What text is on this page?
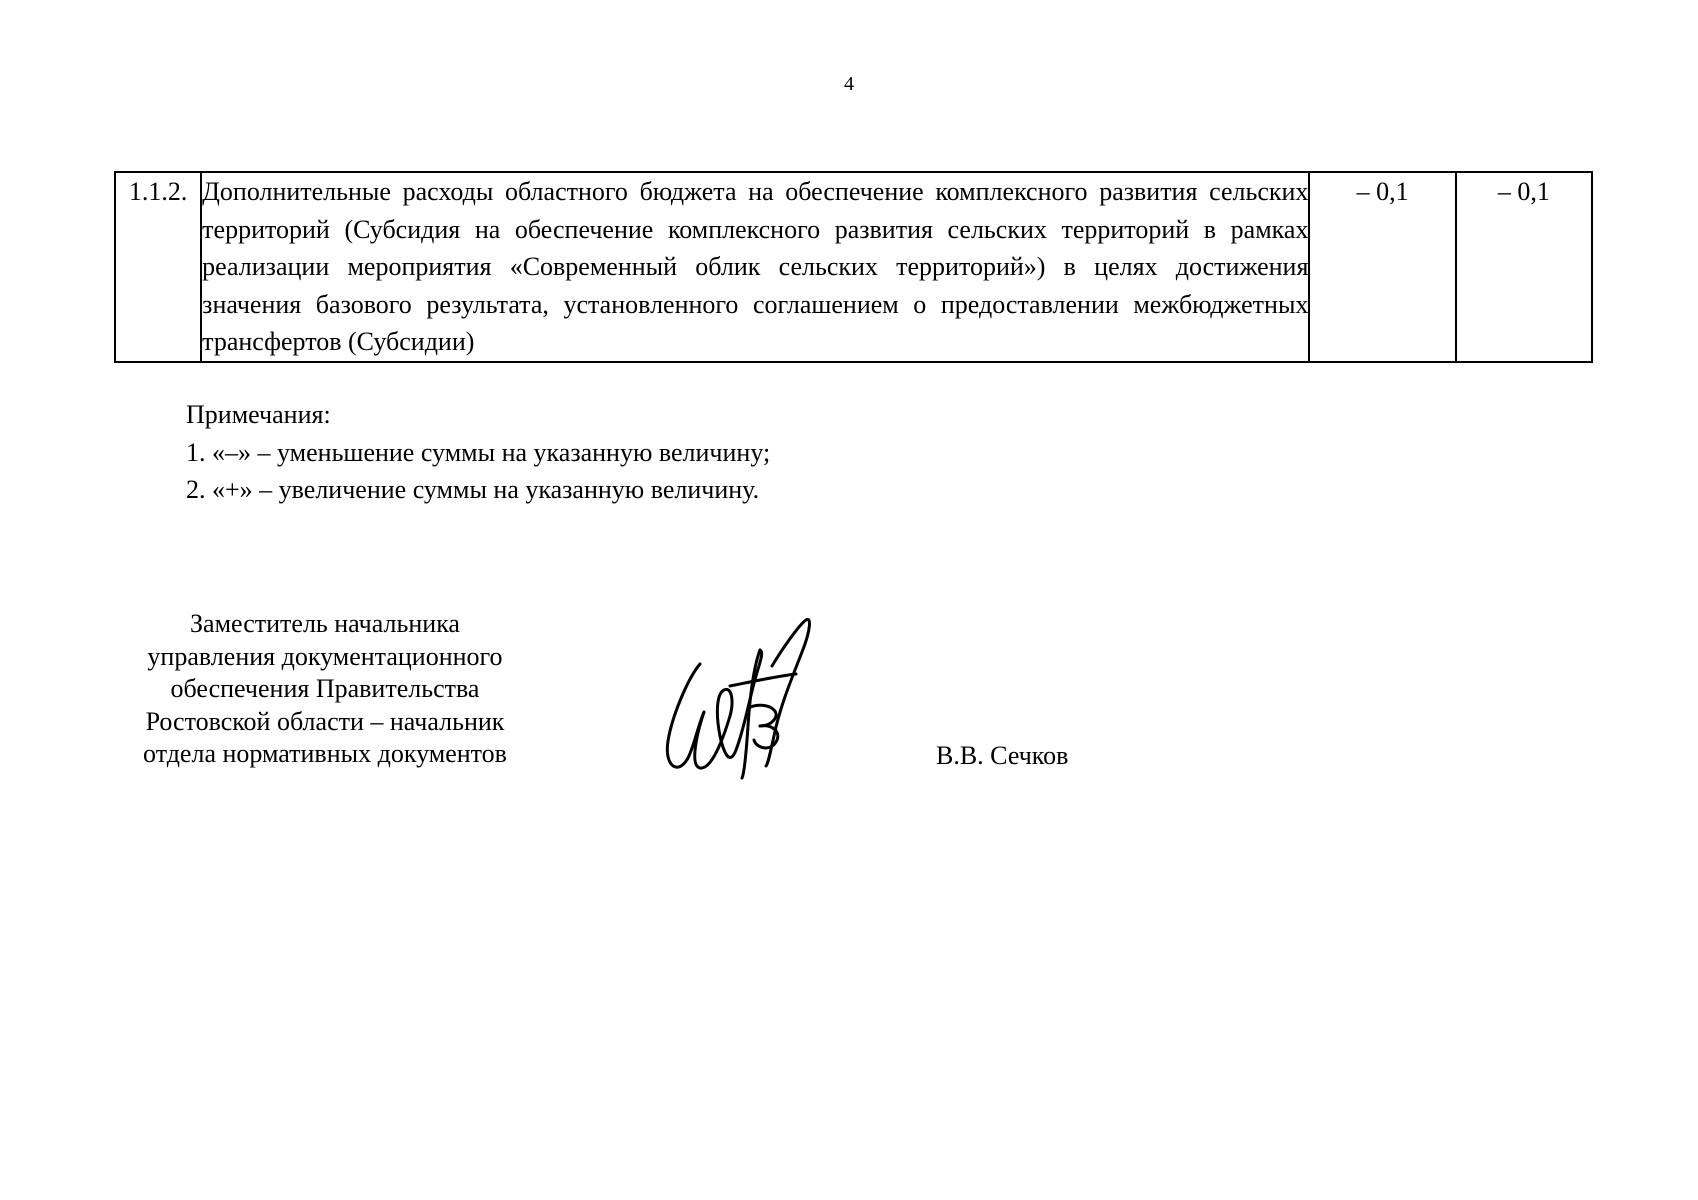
4
1.1.2.	Дополнительные расходы областного бюджета на обеспечение комплексного развития сельских территорий (Субсидия на обеспечение комплексного развития сельских территорий в рамках реализации мероприятия «Современный облик сельских территорий») в целях достижения значения базового результата, установленного соглашением о предоставлении межбюджетных трансфертов (Субсидии)	– 0,1	– 0,1
Примечания:
1. «–» – уменьшение суммы на указанную величину;
2. «+» – увеличение суммы на указанную величину.
Заместитель начальника
управления документационного
обеспечения Правительства
Ростовской области – начальник
отдела нормативных документов	В.В. Сечков
